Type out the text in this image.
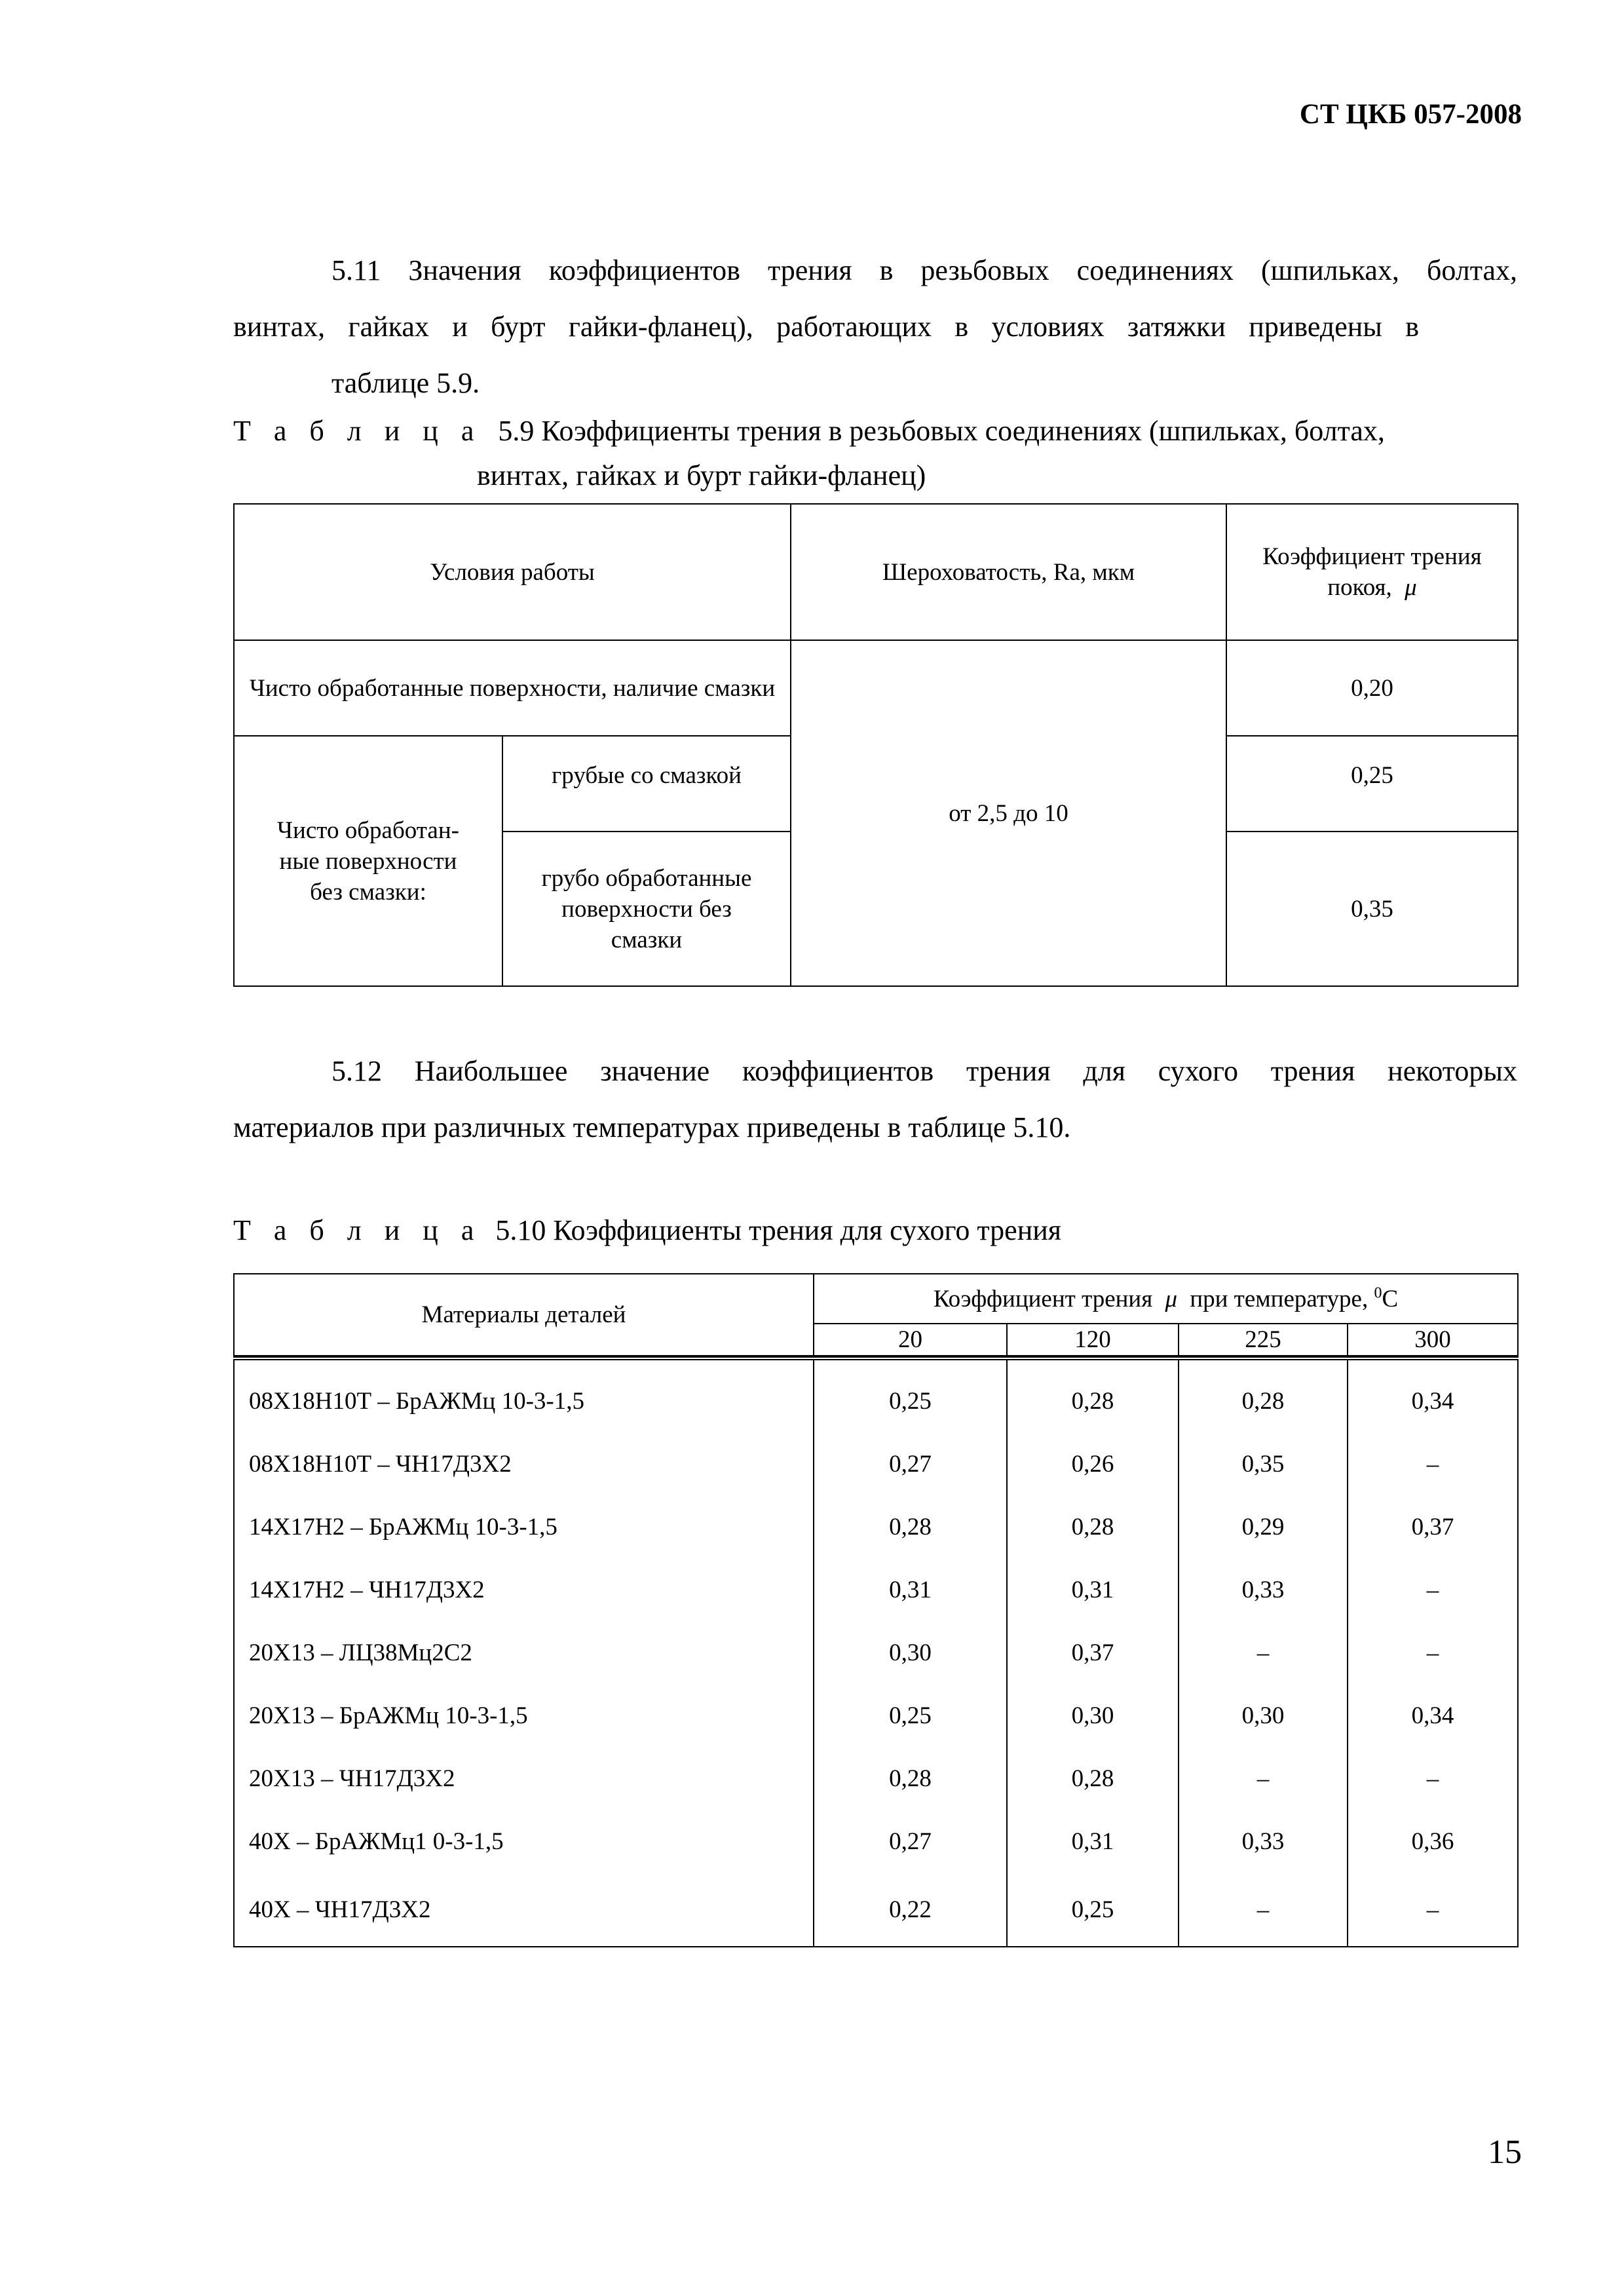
СТ ЦКБ 057-2008
5.11 Значения коэффициентов трения в резьбовых соединениях (шпильках, болтах,
винтах, гайках и бурт гайки-фланец), работающих в условиях затяжки приведены в
таблице 5.9.
Т а б л и ц а 5.9 Коэффициенты трения в резьбовых соединениях (шпильках, болтах,
винтах, гайках и бурт гайки-фланец)
Условия работы		Шероховатость, Ra, мкм	Коэффициент трения
покоя, μ
Чисто обработанные поверхности, наличие смазки		от 2,5 до 10	0,20
Чисто обработан-ные поверхности без смазки:	грубые со смазкой		0,25
	грубо обработанные поверхности без смазки		0,35
5.12 Наибольшее значение коэффициентов трения для сухого трения некоторых
материалов при различных температурах приведены в таблице 5.10.
Т а б л и ц а 5.10 Коэффициенты трения для сухого трения
Материалы деталей	Коэффициент трения μ при температуре, $^0$С			
	20	120	225	300

08Х18Н10Т – БрАЖМц 10-3-1,5	0,25	0,28	0,28	0,34
08Х18Н10Т – ЧН17Д3Х2	0,27	0,26	0,35	–
14Х17Н2 – БрАЖМц 10-3-1,5	0,28	0,28	0,29	0,37
14Х17Н2 – ЧН17Д3Х2	0,31	0,31	0,33	–
20Х13 – ЛЦ38Мц2С2	0,30	0,37	–	–
20Х13 – БрАЖМц 10-3-1,5	0,25	0,30	0,30	0,34
20Х13 – ЧН17Д3Х2	0,28	0,28	–	–
40Х – БрАЖМц1 0-3-1,5	0,27	0,31	0,33	0,36
40Х – ЧН17Д3Х2	0,22	0,25	–	–
15
